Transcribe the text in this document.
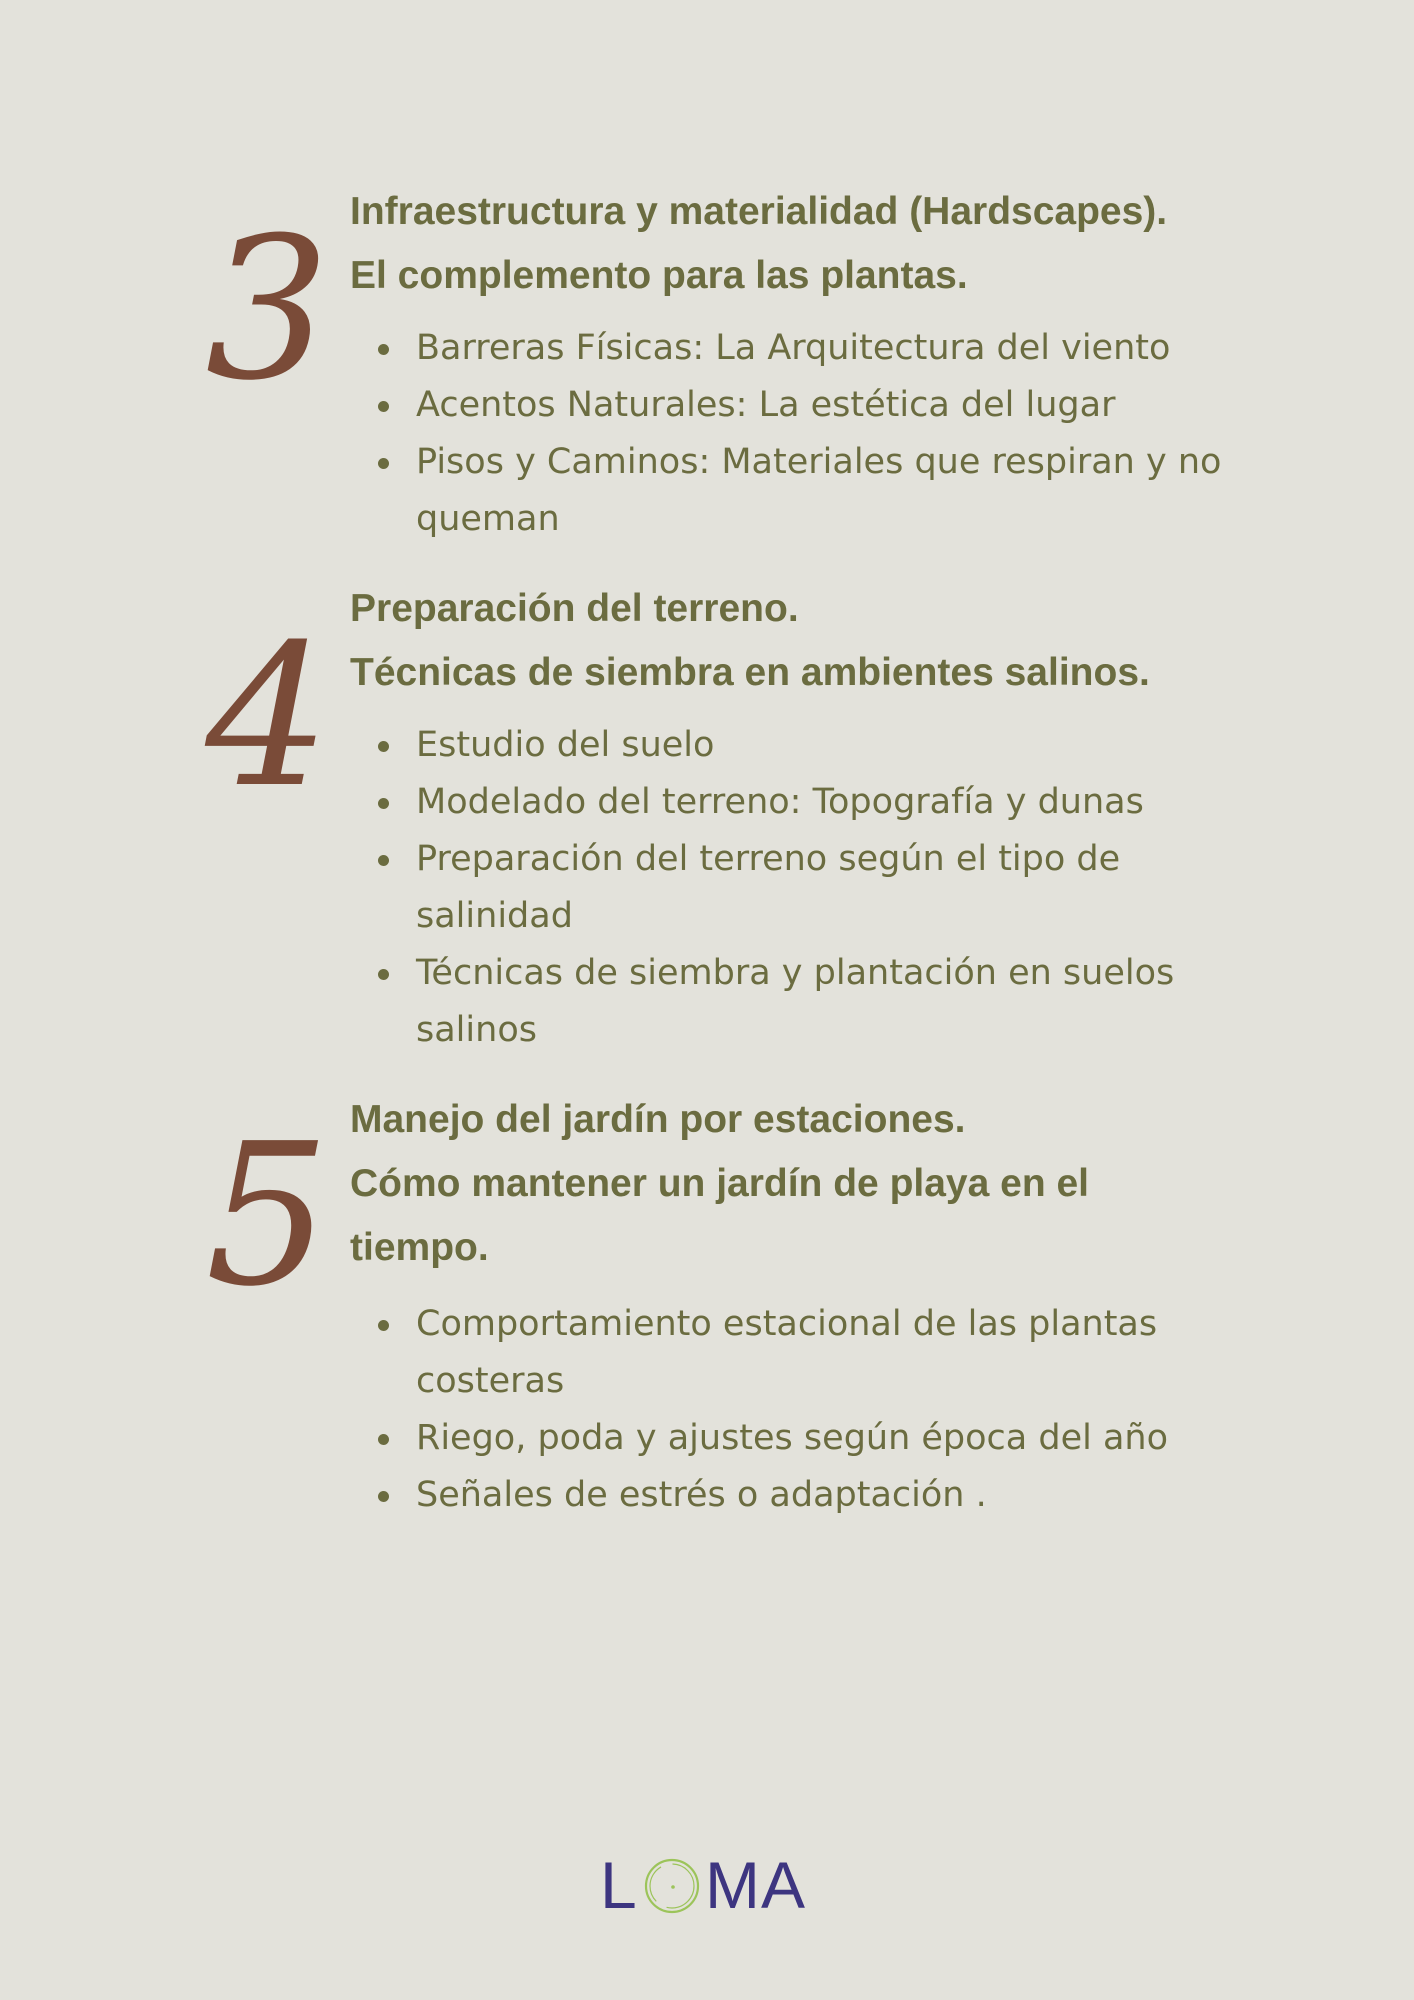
3 Infraestructura y materialidad (Hardscapes).
El complemento para las plantas.
Barreras Físicas: La Arquitectura del viento
Acentos Naturales: La estética del lugar
Pisos y Caminos: Materiales que respiran y no queman
4 Preparación del terreno.
Técnicas de siembra en ambientes salinos.
Estudio del suelo
Modelado del terreno: Topografía y dunas
Preparación del terreno según el tipo de salinidad
Técnicas de siembra y plantación en suelos salinos
5 Manejo del jardín por estaciones.
Cómo mantener un jardín de playa en el tiempo.
Comportamiento estacional de las plantas costeras
Riego, poda y ajustes según época del año
Señales de estrés o adaptación .
L MA
